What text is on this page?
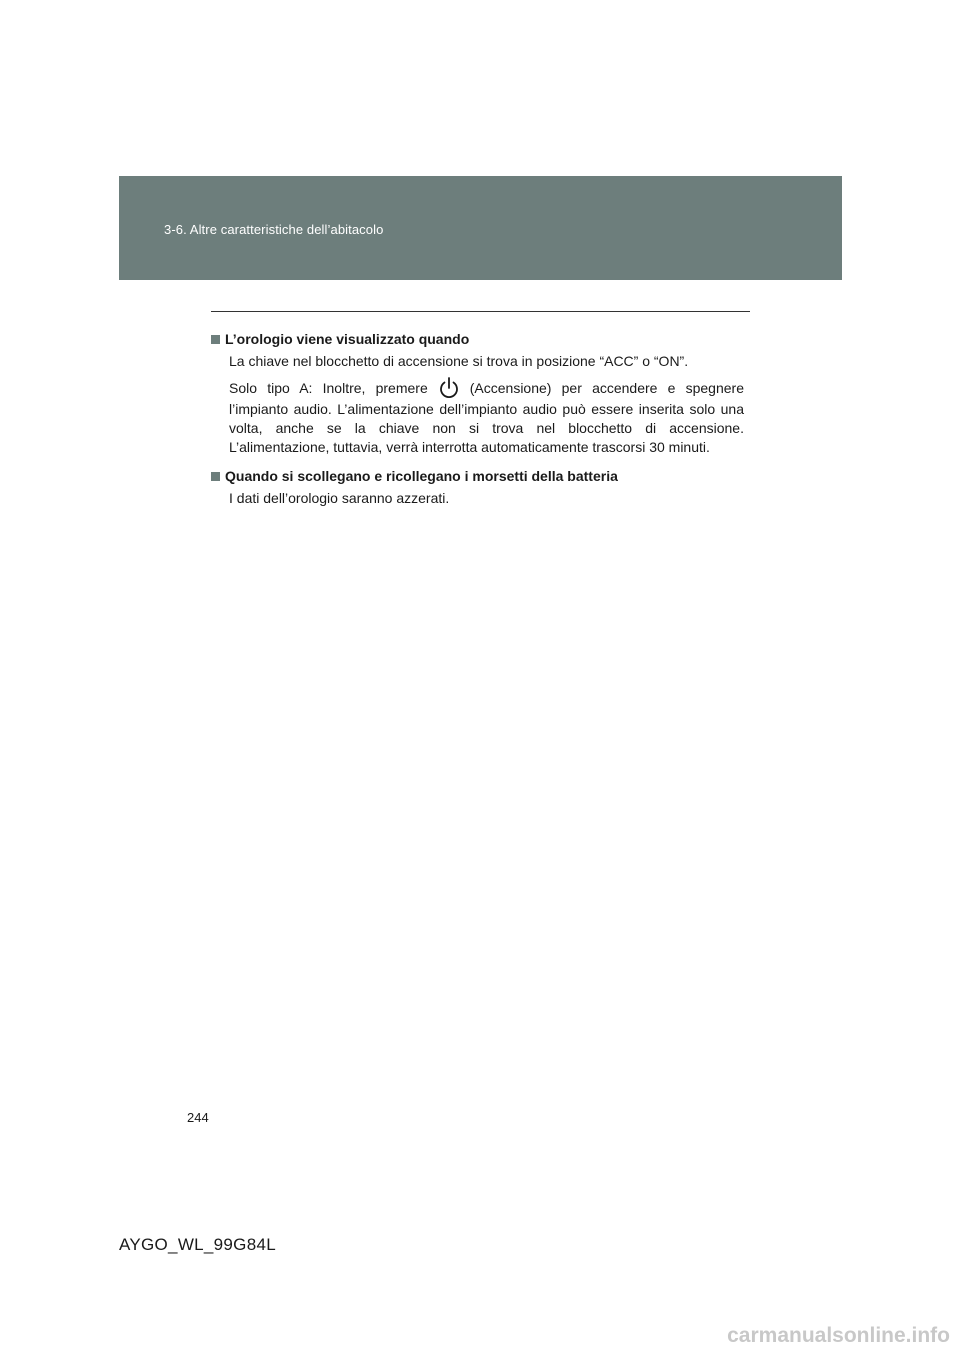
3-6. Altre caratteristiche dell’abitacolo

L’orologio viene visualizzato quando

La chiave nel blocchetto di accensione si trova in posizione “ACC” o “ON”.

Solo tipo A: Inoltre, premere	(Accensione) per accendere e spegnere l’impianto audio. L’alimentazione dell’impianto audio può essere inserita solo una volta, anche se la chiave non si trova nel blocchetto di accensione. L’alimentazione, tuttavia, verrà interrotta automaticamente trascorsi 30 minuti.

Quando si scollegano e ricollegano i morsetti della batteria

I dati dell’orologio saranno azzerati.

244
AYGO_WL_99G84L
carmanualsonline.info
